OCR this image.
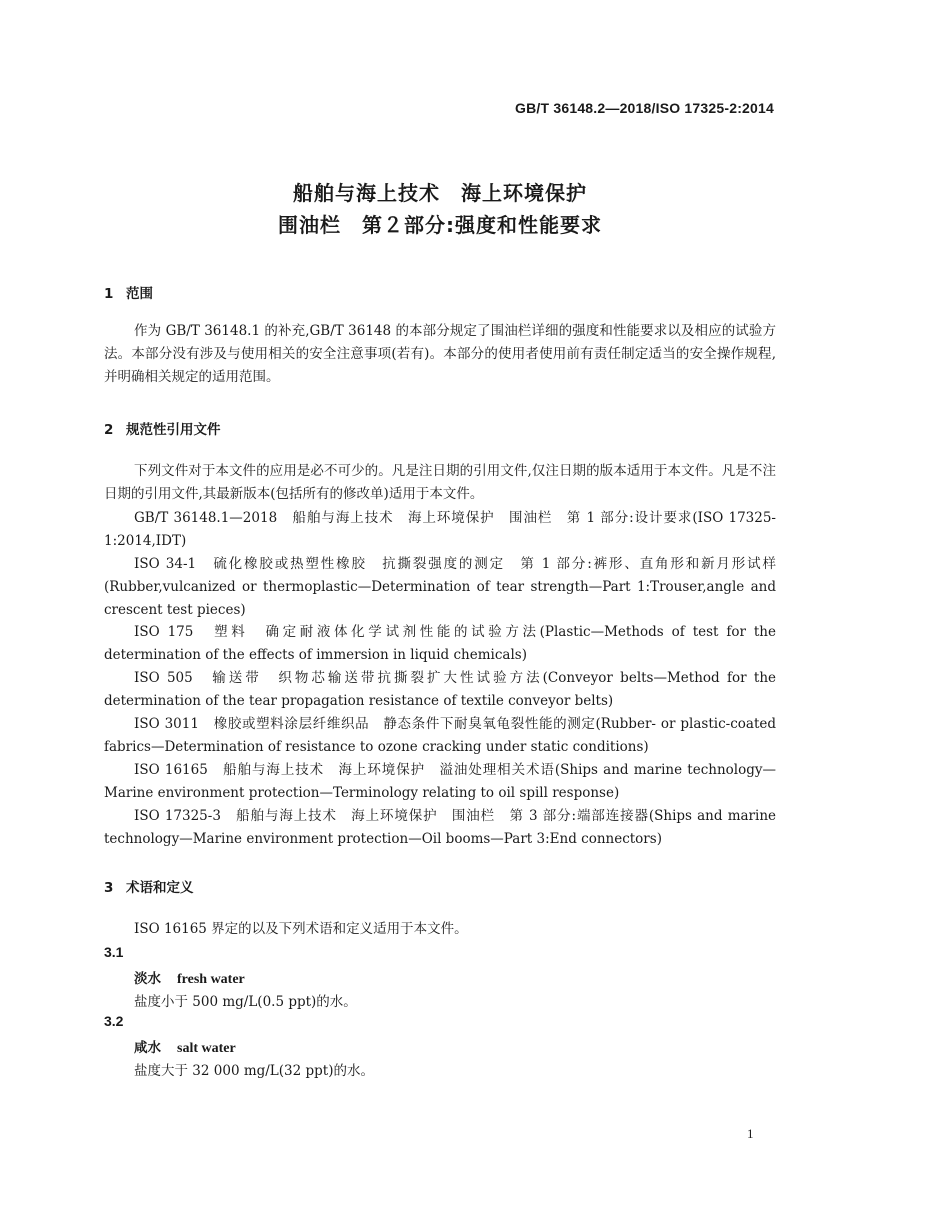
GB/T 36148.2—2018/ISO 17325-2:2014
船舶与海上技术　海上环境保护
围油栏　第２部分:强度和性能要求
1 范围
作为 GB/T 36148.1 的补充,GB/T 36148 的本部分规定了围油栏详细的强度和性能要求以及相应的试验方法。本部分没有涉及与使用相关的安全注意事项(若有)。本部分的使用者使用前有责任制定适当的安全操作规程,并明确相关规定的适用范围。
2 规范性引用文件
下列文件对于本文件的应用是必不可少的。凡是注日期的引用文件,仅注日期的版本适用于本文件。凡是不注日期的引用文件,其最新版本(包括所有的修改单)适用于本文件。
GB/T 36148.1—2018　船舶与海上技术　海上环境保护　围油栏　第 1 部分:设计要求(ISO 17325-1:2014,IDT)
ISO 34-1　硫化橡胶或热塑性橡胶　抗撕裂强度的测定　第 1 部分:裤形、直角形和新月形试样(Rubber,vulcanized or thermoplastic—Determination of tear strength—Part 1:Trouser,angle and crescent test pieces)
ISO 175　塑料　确定耐液体化学试剂性能的试验方法(Plastic—Methods of test for the determination of the effects of immersion in liquid chemicals)
ISO 505　输送带　织物芯输送带抗撕裂扩大性试验方法(Conveyor belts—Method for the determination of the tear propagation resistance of textile conveyor belts)
ISO 3011　橡胶或塑料涂层纤维织品　静态条件下耐臭氧龟裂性能的测定(Rubber- or plastic-coated fabrics—Determination of resistance to ozone cracking under static conditions)
ISO 16165　船舶与海上技术　海上环境保护　溢油处理相关术语(Ships and marine technology—Marine environment protection—Terminology relating to oil spill response)
ISO 17325-3　船舶与海上技术　海上环境保护　围油栏　第 3 部分:端部连接器(Ships and marine technology—Marine environment protection—Oil booms—Part 3:End connectors)
3 术语和定义
ISO 16165 界定的以及下列术语和定义适用于本文件。
3.1
淡水 fresh water
盐度小于 500 mg/L(0.5 ppt)的水。
3.2
咸水 salt water
盐度大于 32 000 mg/L(32 ppt)的水。
1
